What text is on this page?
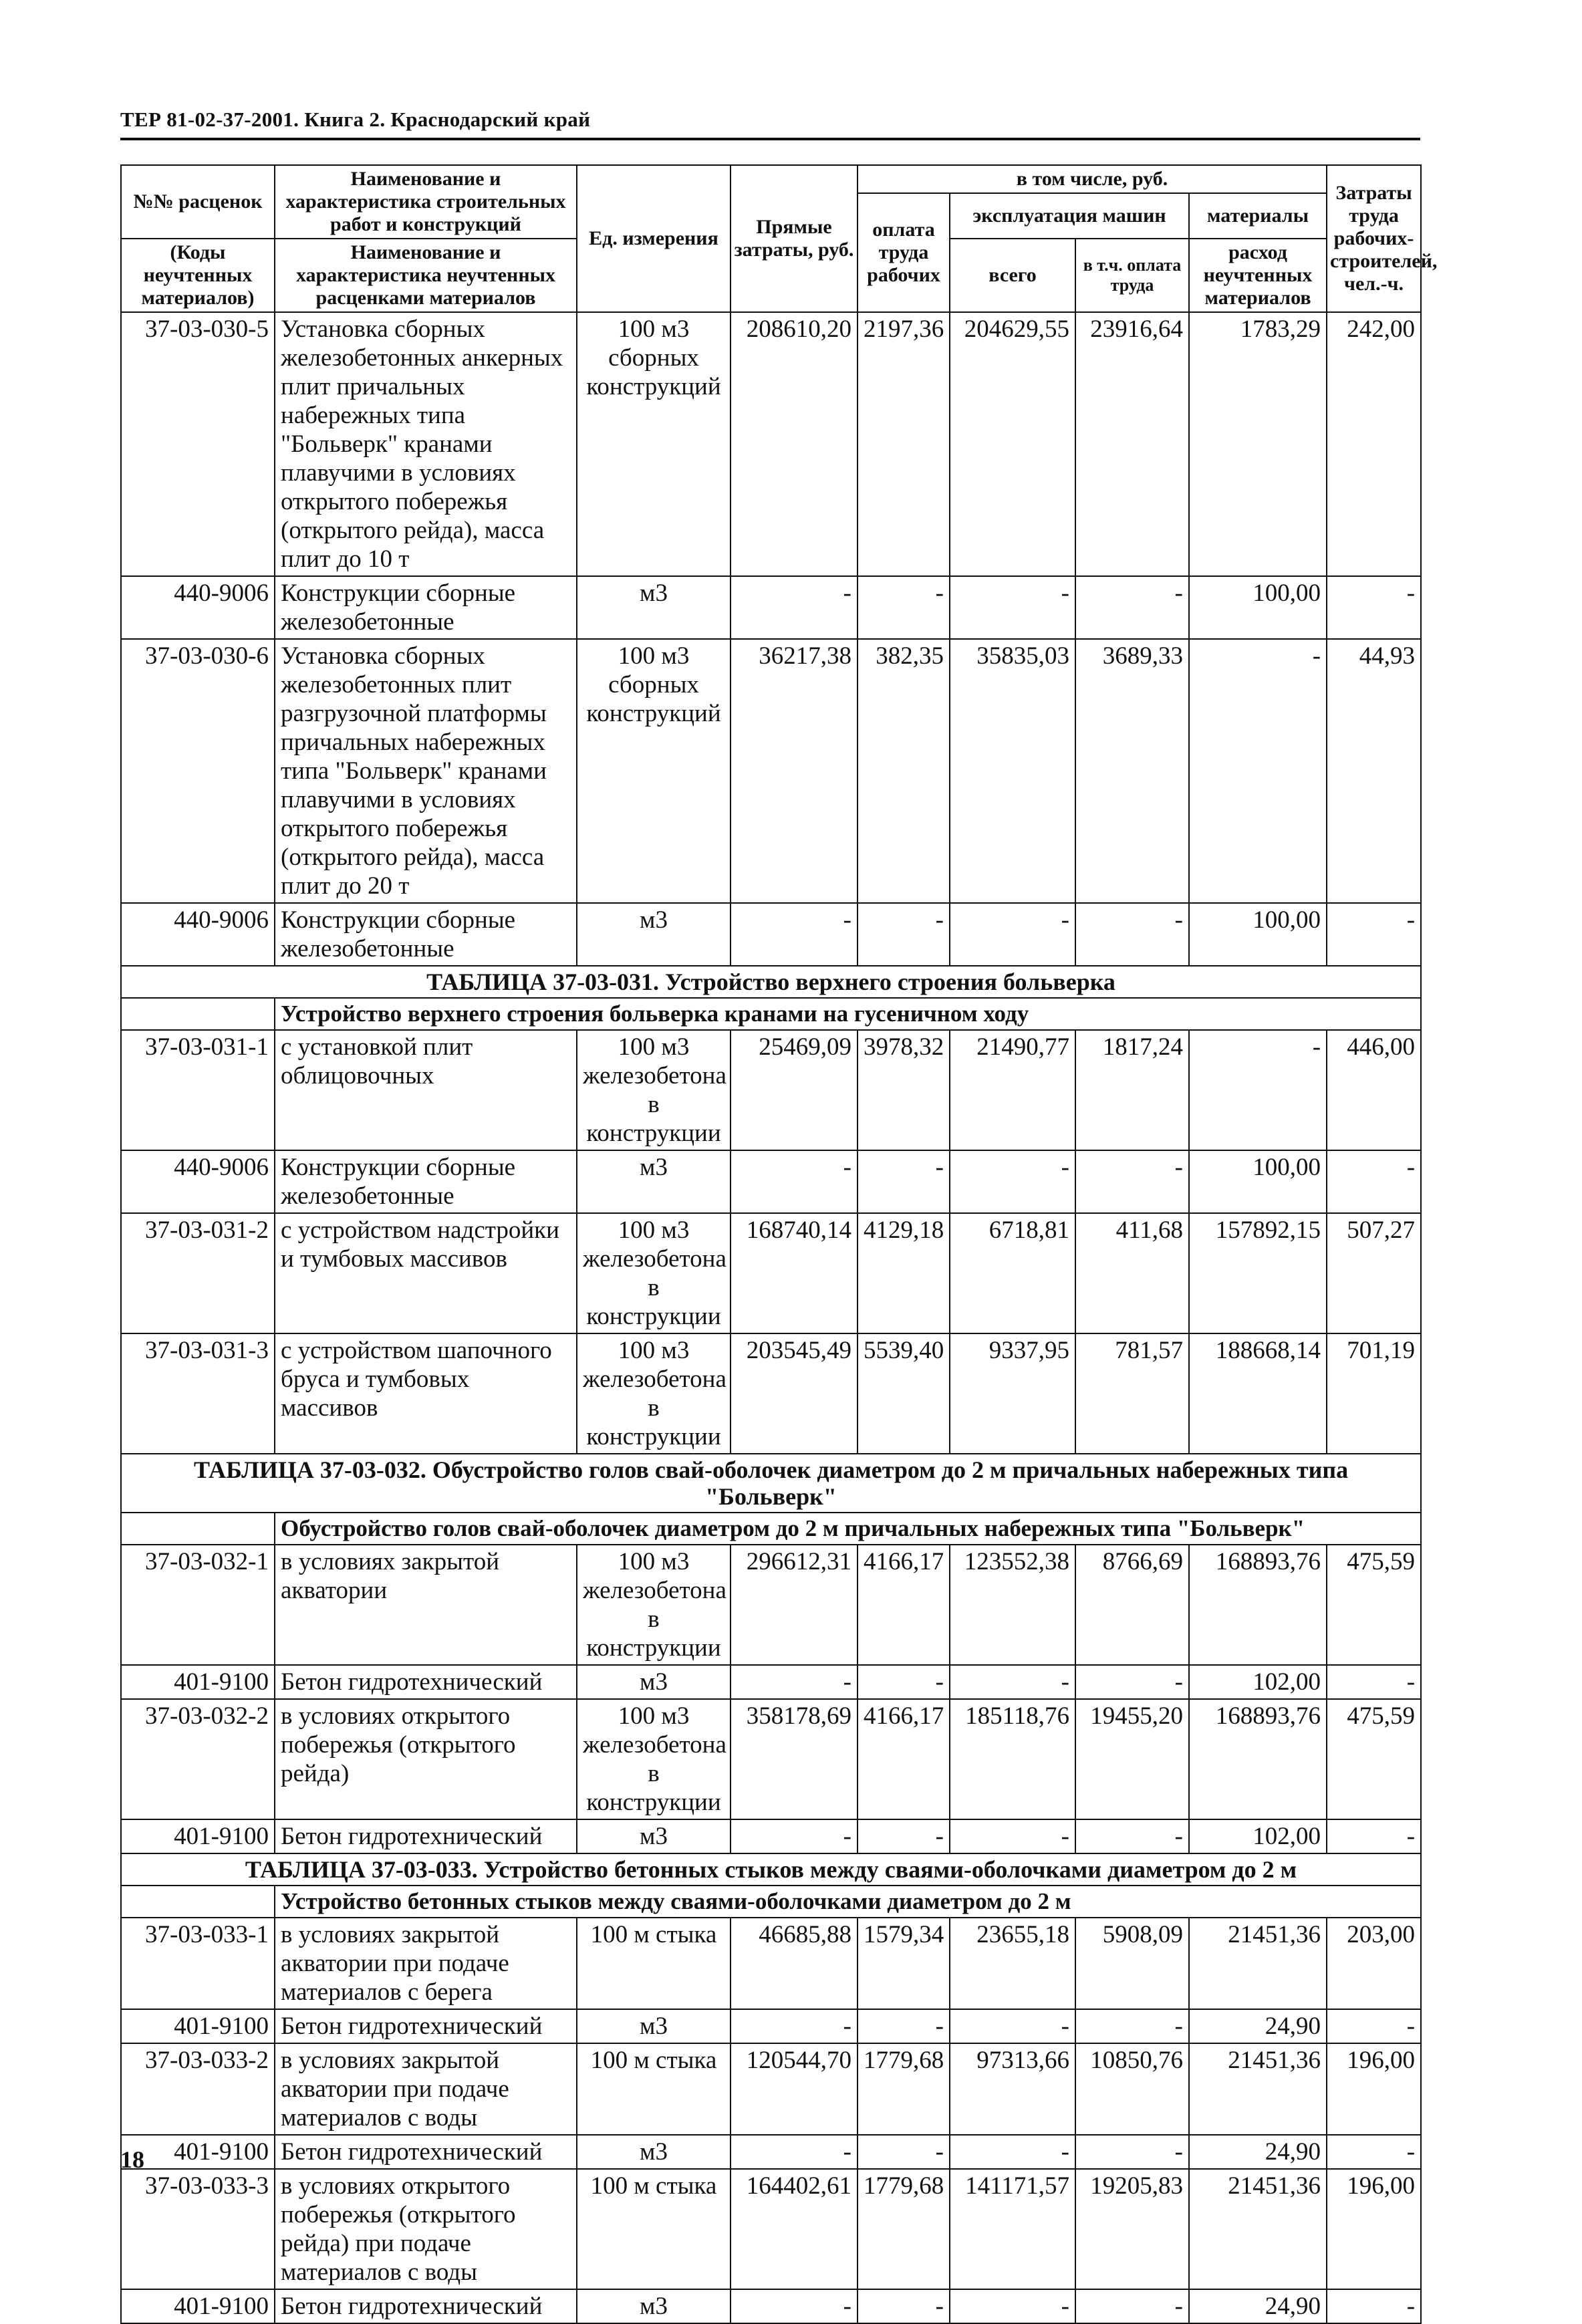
ТЕР 81-02-37-2001. Книга 2. Краснодарский край
№№ расценок	Наименование и характеристика строительных работ и конструкций	Ед. измерения	Прямые затраты, руб.	в том числе, руб.				Затраты труда рабочих-строителей, чел.-ч.
				оплата труда рабочих	эксплуатация машин		материалы	
(Коды неучтенных материалов)	Наименование и характеристика неучтенных расценками материалов				всего	в т.ч. оплата труда	расход неучтенных материалов	

37-03-030-5	Установка сборных железобетонных анкерных плит причальных набережных типа "Больверк" кранами плавучими в условиях открытого побережья (открытого рейда), масса плит до 10 т	100 м3 сборных конструкций	208610,20	2197,36	204629,55	23916,64	1783,29	242,00
440-9006	Конструкции сборные железобетонные	м3	-	-	-	-	100,00	-
37-03-030-6	Установка сборных железобетонных плит разгрузочной платформы причальных набережных типа "Больверк" кранами плавучими в условиях открытого побережья (открытого рейда), масса плит до 20 т	100 м3 сборных конструкций	36217,38	382,35	35835,03	3689,33	-	44,93
440-9006	Конструкции сборные железобетонные	м3	-	-	-	-	100,00	-
ТАБЛИЦА 37-03-031. Устройство верхнего строения больверка								
	Устройство верхнего строения больверка кранами на гусеничном ходу							
37-03-031-1	с установкой плит облицовочных	100 м3 железобетона в конструкции	25469,09	3978,32	21490,77	1817,24	-	446,00
440-9006	Конструкции сборные железобетонные	м3	-	-	-	-	100,00	-
37-03-031-2	с устройством надстройки и тумбовых массивов	100 м3 железобетона в конструкции	168740,14	4129,18	6718,81	411,68	157892,15	507,27
37-03-031-3	с устройством шапочного бруса и тумбовых массивов	100 м3 железобетона в конструкции	203545,49	5539,40	9337,95	781,57	188668,14	701,19
ТАБЛИЦА 37-03-032. Обустройство голов свай-оболочек диаметром до 2 м причальных набережных типа "Больверк"								
	Обустройство голов свай-оболочек диаметром до 2 м причальных набережных типа "Больверк"							
37-03-032-1	в условиях закрытой акватории	100 м3 железобетона в конструкции	296612,31	4166,17	123552,38	8766,69	168893,76	475,59
401-9100	Бетон гидротехнический	м3	-	-	-	-	102,00	-
37-03-032-2	в условиях открытого побережья (открытого рейда)	100 м3 железобетона в конструкции	358178,69	4166,17	185118,76	19455,20	168893,76	475,59
401-9100	Бетон гидротехнический	м3	-	-	-	-	102,00	-
ТАБЛИЦА 37-03-033. Устройство бетонных стыков между сваями-оболочками диаметром до 2 м								
	Устройство бетонных стыков между сваями-оболочками диаметром до 2 м							
37-03-033-1	в условиях закрытой акватории при подаче материалов с берега	100 м стыка	46685,88	1579,34	23655,18	5908,09	21451,36	203,00
401-9100	Бетон гидротехнический	м3	-	-	-	-	24,90	-
37-03-033-2	в условиях закрытой акватории при подаче материалов с воды	100 м стыка	120544,70	1779,68	97313,66	10850,76	21451,36	196,00
401-9100	Бетон гидротехнический	м3	-	-	-	-	24,90	-
37-03-033-3	в условиях открытого побережья (открытого рейда) при подаче материалов с воды	100 м стыка	164402,61	1779,68	141171,57	19205,83	21451,36	196,00
401-9100	Бетон гидротехнический	м3	-	-	-	-	24,90	-
18
